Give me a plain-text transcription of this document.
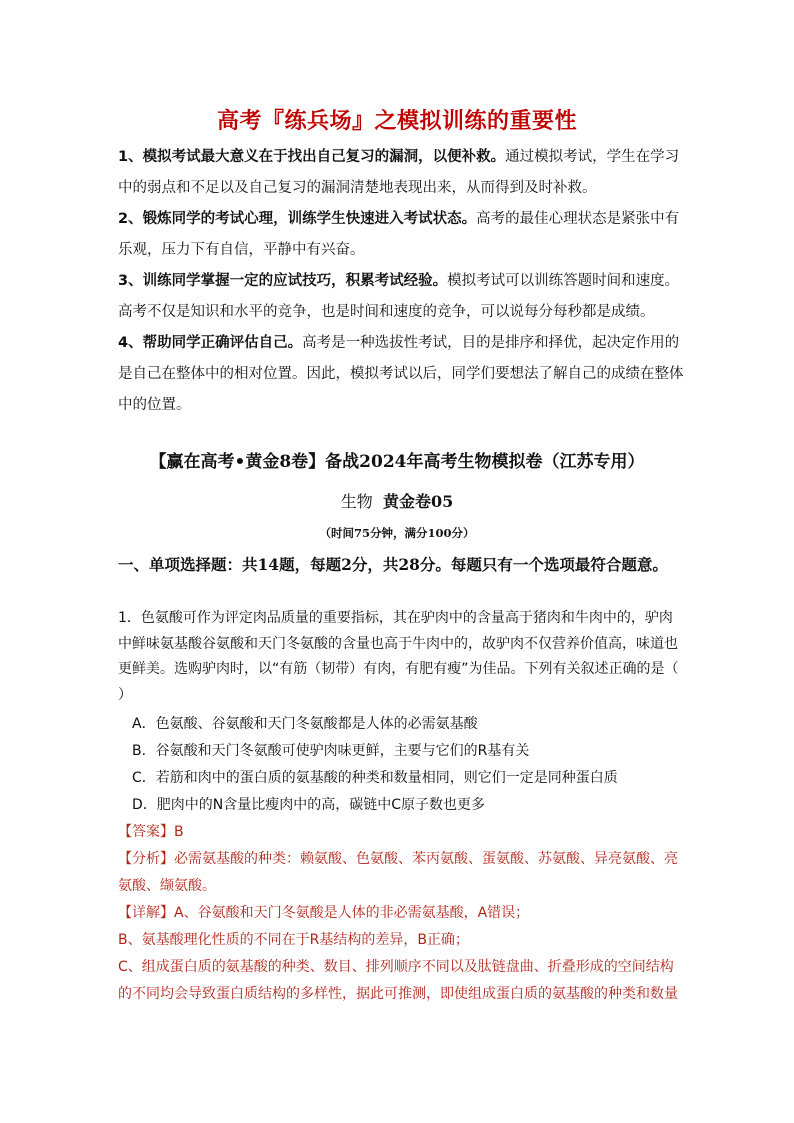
高考『练兵场』之模拟训练的重要性

1、模拟考试最大意义在于找出自己复习的漏洞，以便补救。通过模拟考试，学生在学习中的弱点和不足以及自己复习的漏洞清楚地表现出来，从而得到及时补救。

2、锻炼同学的考试心理，训练学生快速进入考试状态。高考的最佳心理状态是紧张中有乐观，压力下有自信，平静中有兴奋。

3、训练同学掌握一定的应试技巧，积累考试经验。模拟考试可以训练答题时间和速度。高考不仅是知识和水平的竞争，也是时间和速度的竞争，可以说每分每秒都是成绩。

4、帮助同学正确评估自己。高考是一种选拔性考试，目的是排序和择优，起决定作用的是自己在整体中的相对位置。因此，模拟考试以后，同学们要想法了解自己的成绩在整体中的位置。

【赢在高考•黄金8卷】备战2024年高考生物模拟卷（江苏专用）
生物 黄金卷05
（时间75分钟，满分100分）
一、单项选择题：共14题，每题2分，共28分。每题只有一个选项最符合题意。
1．色氨酸可作为评定肉品质量的重要指标，其在驴肉中的含量高于猪肉和牛肉中的，驴肉中鲜味氨基酸谷氨酸和天门冬氨酸的含量也高于牛肉中的，故驴肉不仅营养价值高，味道也更鲜美。选购驴肉时，以“有筋（韧带）有肉，有肥有瘦”为佳品。下列有关叙述正确的是（ ）
A．色氨酸、谷氨酸和天门冬氨酸都是人体的必需氨基酸
B．谷氨酸和天门冬氨酸可使驴肉味更鲜，主要与它们的R基有关
C．若筋和肉中的蛋白质的氨基酸的种类和数量相同，则它们一定是同种蛋白质
D．肥肉中的N含量比瘦肉中的高，碳链中C原子数也更多

【答案】B

【分析】必需氨基酸的种类：赖氨酸、色氨酸、苯丙氨酸、蛋氨酸、苏氨酸、异亮氨酸、亮氨酸、缬氨酸。

【详解】A、谷氨酸和天门冬氨酸是人体的非必需氨基酸，A错误；

B、氨基酸理化性质的不同在于R基结构的差异，B正确；

C、组成蛋白质的氨基酸的种类、数目、排列顺序不同以及肽链盘曲、折叠形成的空间结构的不同均会导致蛋白质结构的多样性，据此可推测，即使组成蛋白质的氨基酸的种类和数量
